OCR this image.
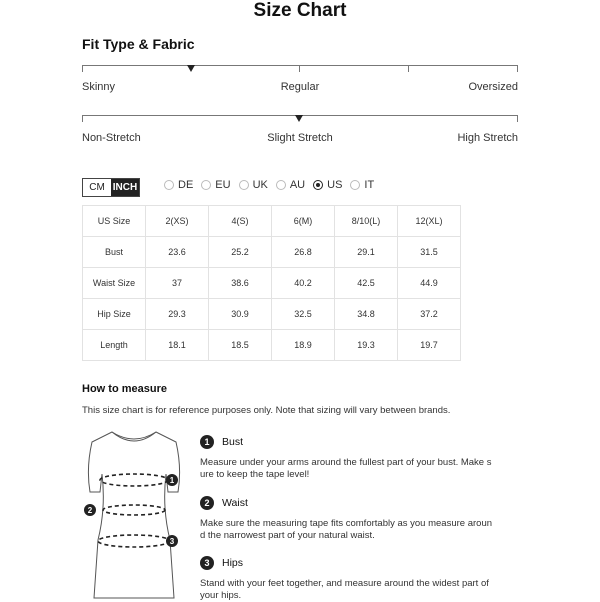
Size Chart
Fit Type & Fabric
Skinny	Regular	Oversized
Non-Stretch	Slight Stretch	High Stretch
CM INCH	DE EU UK AU US IT
US Size	2(XS)	4(S)	6(M)	8/10(L)	12(XL)
Bust	23.6	25.2	26.8	29.1	31.5
Waist Size	37	38.6	40.2	42.5	44.9
Hip Size	29.3	30.9	32.5	34.8	37.2
Length	18.1	18.5	18.9	19.3	19.7
How to measure
This size chart is for reference purposes only. Note that sizing will vary between brands.
1
2
3
1	Bust
Measure under your arms around the fullest part of your bust. Make s
ure to keep the tape level!
2	Waist
Make sure the measuring tape fits comfortably as you measure aroun
d the narrowest part of your natural waist.
3	Hips
Stand with your feet together, and measure around the widest part of
your hips.
